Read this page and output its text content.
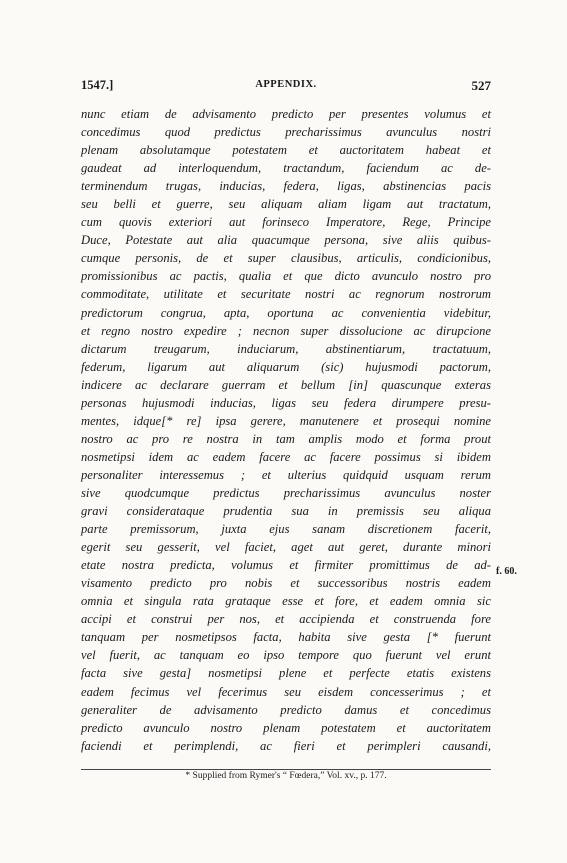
1547.]	APPENDIX.	527
nunc etiam de advisamento predicto per presentes volumus et
concedimus quod predictus precharissimus avunculus nostri
plenam absolutamque potestatem et auctoritatem habeat et
gaudeat ad interloquendum, tractandum, faciendum ac de-
terminendum trugas, inducias, federa, ligas, abstinencias pacis
seu belli et guerre, seu aliquam aliam ligam aut tractatum,
cum quovis exteriori aut forinseco Imperatore, Rege, Principe
Duce, Potestate aut alia quacumque persona, sive aliis quibus-
cumque personis, de et super clausibus, articulis, condicionibus,
promissionibus ac pactis, qualia et que dicto avunculo nostro pro
commoditate, utilitate et securitate nostri ac regnorum nostrorum
predictorum congrua, apta, oportuna ac convenientia videbitur,
et regno nostro expedire ; necnon super dissolucione ac dirupcione
dictarum treugarum, induciarum, abstinentiarum, tractatuum,
federum, ligarum aut aliquarum (sic) hujusmodi pactorum,
indicere ac declarare guerram et bellum [in] quascunque exteras
personas hujusmodi inducias, ligas seu federa dirumpere presu-
mentes, idque[* re] ipsa gerere, manutenere et prosequi nomine
nostro ac pro re nostra in tam amplis modo et forma prout
nosmetipsi idem ac eadem facere ac facere possimus si ibidem
personaliter interessemus ; et ulterius quidquid usquam rerum
sive quodcumque predictus precharissimus avunculus noster
gravi considerataque prudentia sua in premissis seu aliqua
parte premissorum, juxta ejus sanam discretionem facerit,
egerit seu gesserit, vel faciet, aget aut geret, durante minori
etate nostra predicta, volumus et firmiter promittimus de ad-
visamento predicto pro nobis et successoribus nostris eadem
omnia et singula rata grataque esse et fore, et eadem omnia sic
accipi et construi per nos, et accipienda et construenda fore
tanquam per nosmetipsos facta, habita sive gesta [* fuerunt
vel fuerit, ac tanquam eo ipso tempore quo fuerunt vel erunt
facta sive gesta] nosmetipsi plene et perfecte etatis existens
eadem fecimus vel fecerimus seu eisdem concesserimus ; et
generaliter de advisamento predicto damus et concedimus
predicto avunculo nostro plenam potestatem et auctoritatem
faciendi et perimplendi, ac fieri et perimpleri causandi,
f. 60.
* Supplied from Rymer's “ Fœdera,” Vol. xv., p. 177.
